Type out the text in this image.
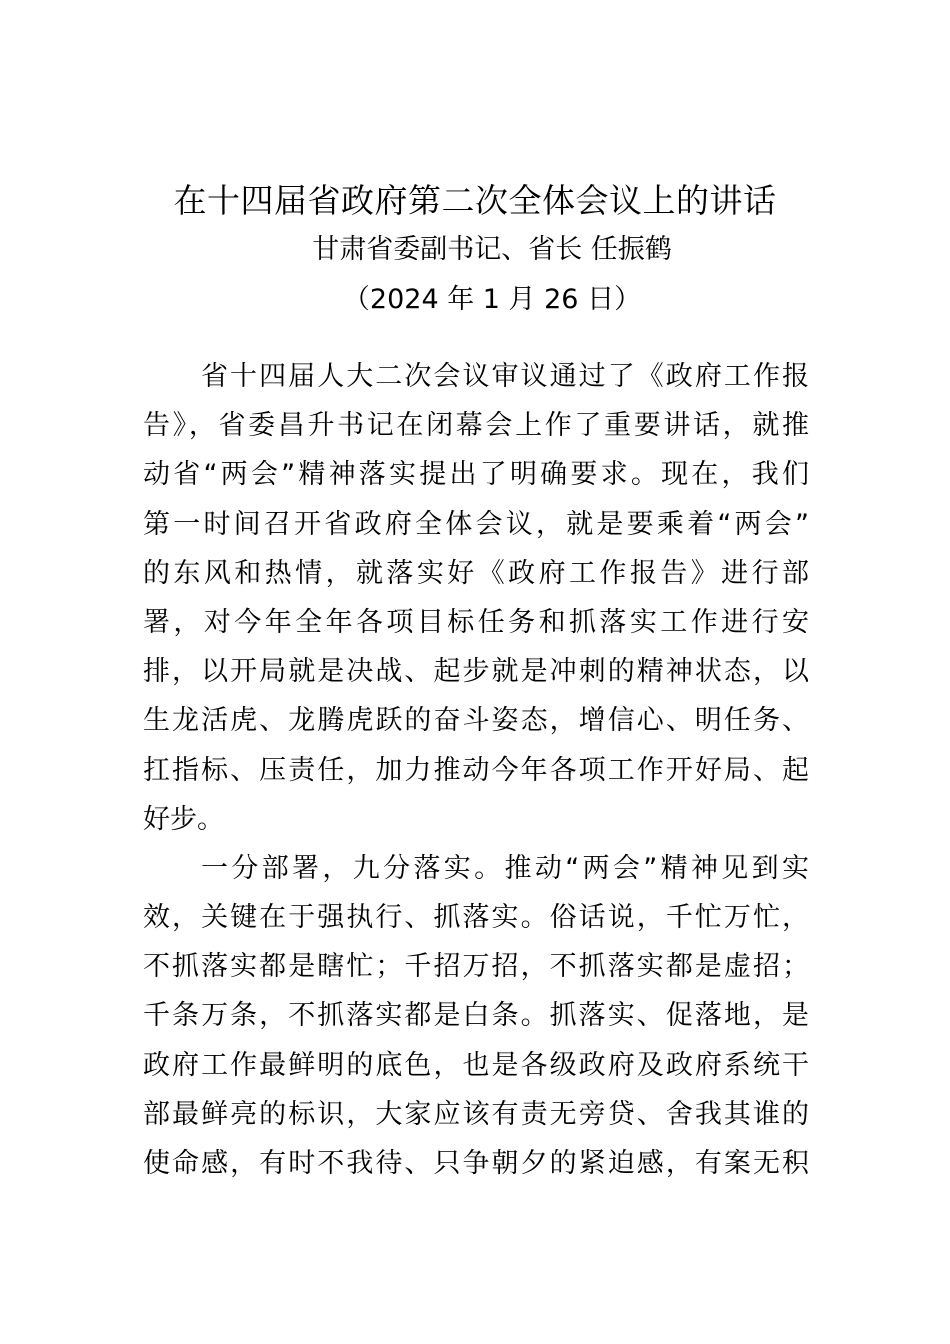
在十四届省政府第二次全体会议上的讲话
甘肃省委副书记、省长 任振鹤
（2024 年 1 月 26 日）
省十四届人大二次会议审议通过了《政府工作报
告》，省委昌升书记在闭幕会上作了重要讲话，就推
动省“两会”精神落实提出了明确要求。现在，我们
第一时间召开省政府全体会议，就是要乘着“两会”
的东风和热情，就落实好《政府工作报告》进行部
署，对今年全年各项目标任务和抓落实工作进行安
排，以开局就是决战、起步就是冲刺的精神状态，以
生龙活虎、龙腾虎跃的奋斗姿态，增信心、明任务、
扛指标、压责任，加力推动今年各项工作开好局、起
好步。
一分部署，九分落实。推动“两会”精神见到实
效，关键在于强执行、抓落实。俗话说，千忙万忙，
不抓落实都是瞎忙；千招万招，不抓落实都是虚招；
千条万条，不抓落实都是白条。抓落实、促落地，是
政府工作最鲜明的底色，也是各级政府及政府系统干
部最鲜亮的标识，大家应该有责无旁贷、舍我其谁的
使命感，有时不我待、只争朝夕的紧迫感，有案无积
